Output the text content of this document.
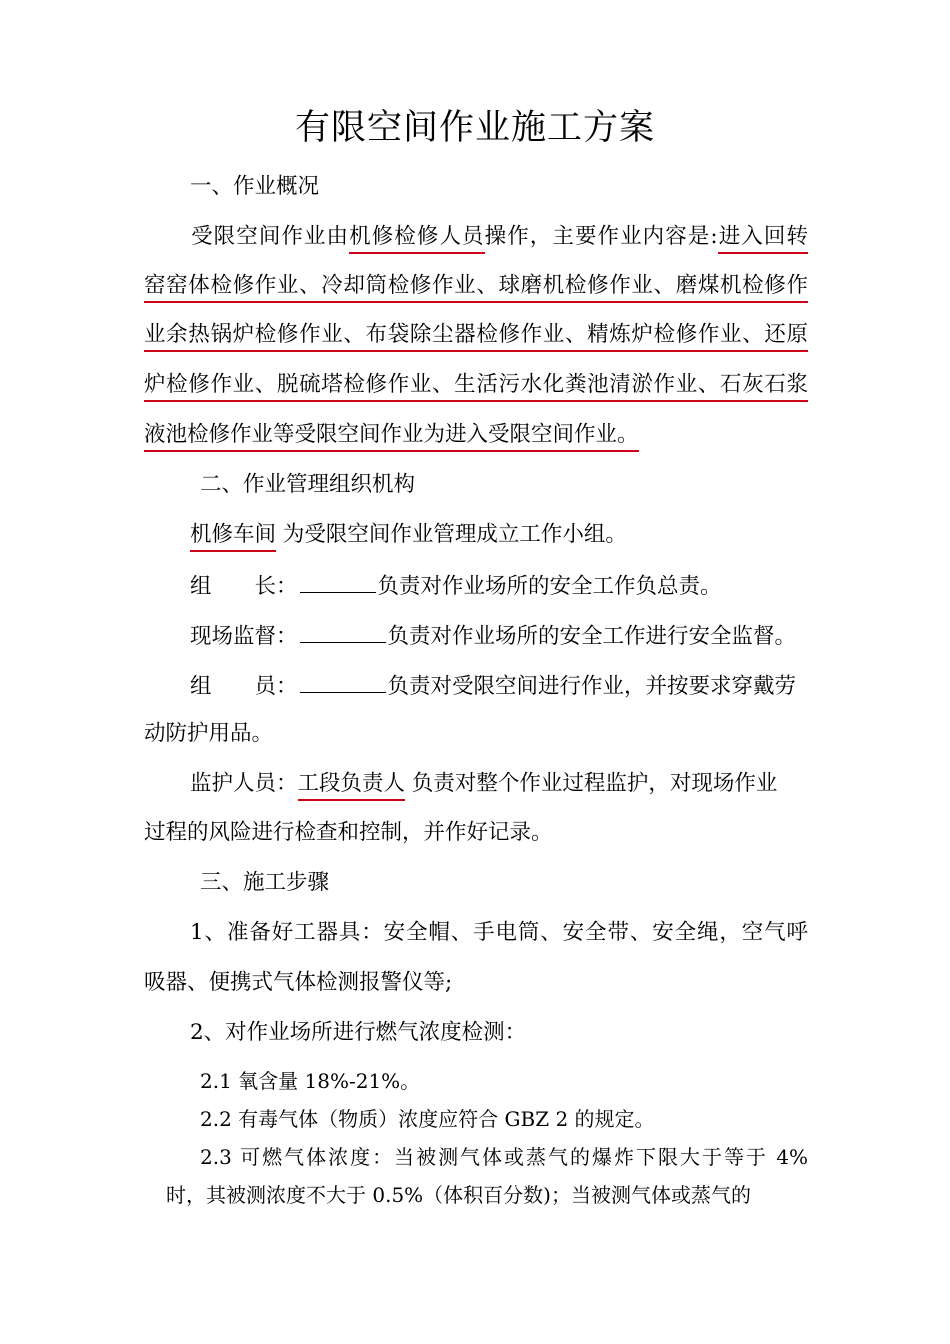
有限空间作业施工方案
一、作业概况
受限空间作业由机修检修人员操作，主要作业内容是:进入回转
窑窑体检修作业、冷却筒检修作业、球磨机检修作业、磨煤机检修作
业余热锅炉检修作业、布袋除尘器检修作业、精炼炉检修作业、还原
炉检修作业、脱硫塔检修作业、生活污水化粪池清淤作业、石灰石浆
液池检修作业等受限空间作业为进入受限空间作业。
二、作业管理组织机构
机修车间 为受限空间作业管理成立工作小组。
组　　长：	负责对作业场所的安全工作负总责。
现场监督：	负责对作业场所的安全工作进行安全监督。
组　　员：	负责对受限空间进行作业，并按要求穿戴劳
动防护用品。
监护人员：工段负责人 负责对整个作业过程监护，对现场作业
过程的风险进行检查和控制，并作好记录。
三、施工步骤
1、准备好工器具：安全帽、手电筒、安全带、安全绳，空气呼
吸器、便携式气体检测报警仪等;
2、对作业场所进行燃气浓度检测：
2.1 氧含量 18%-21%。
2.2 有毒气体（物质）浓度应符合 GBZ 2 的规定。
2.3 可燃气体浓度：当被测气体或蒸气的爆炸下限大于等于 4%
时，其被测浓度不大于 0.5%（体积百分数)；当被测气体或蒸气的
